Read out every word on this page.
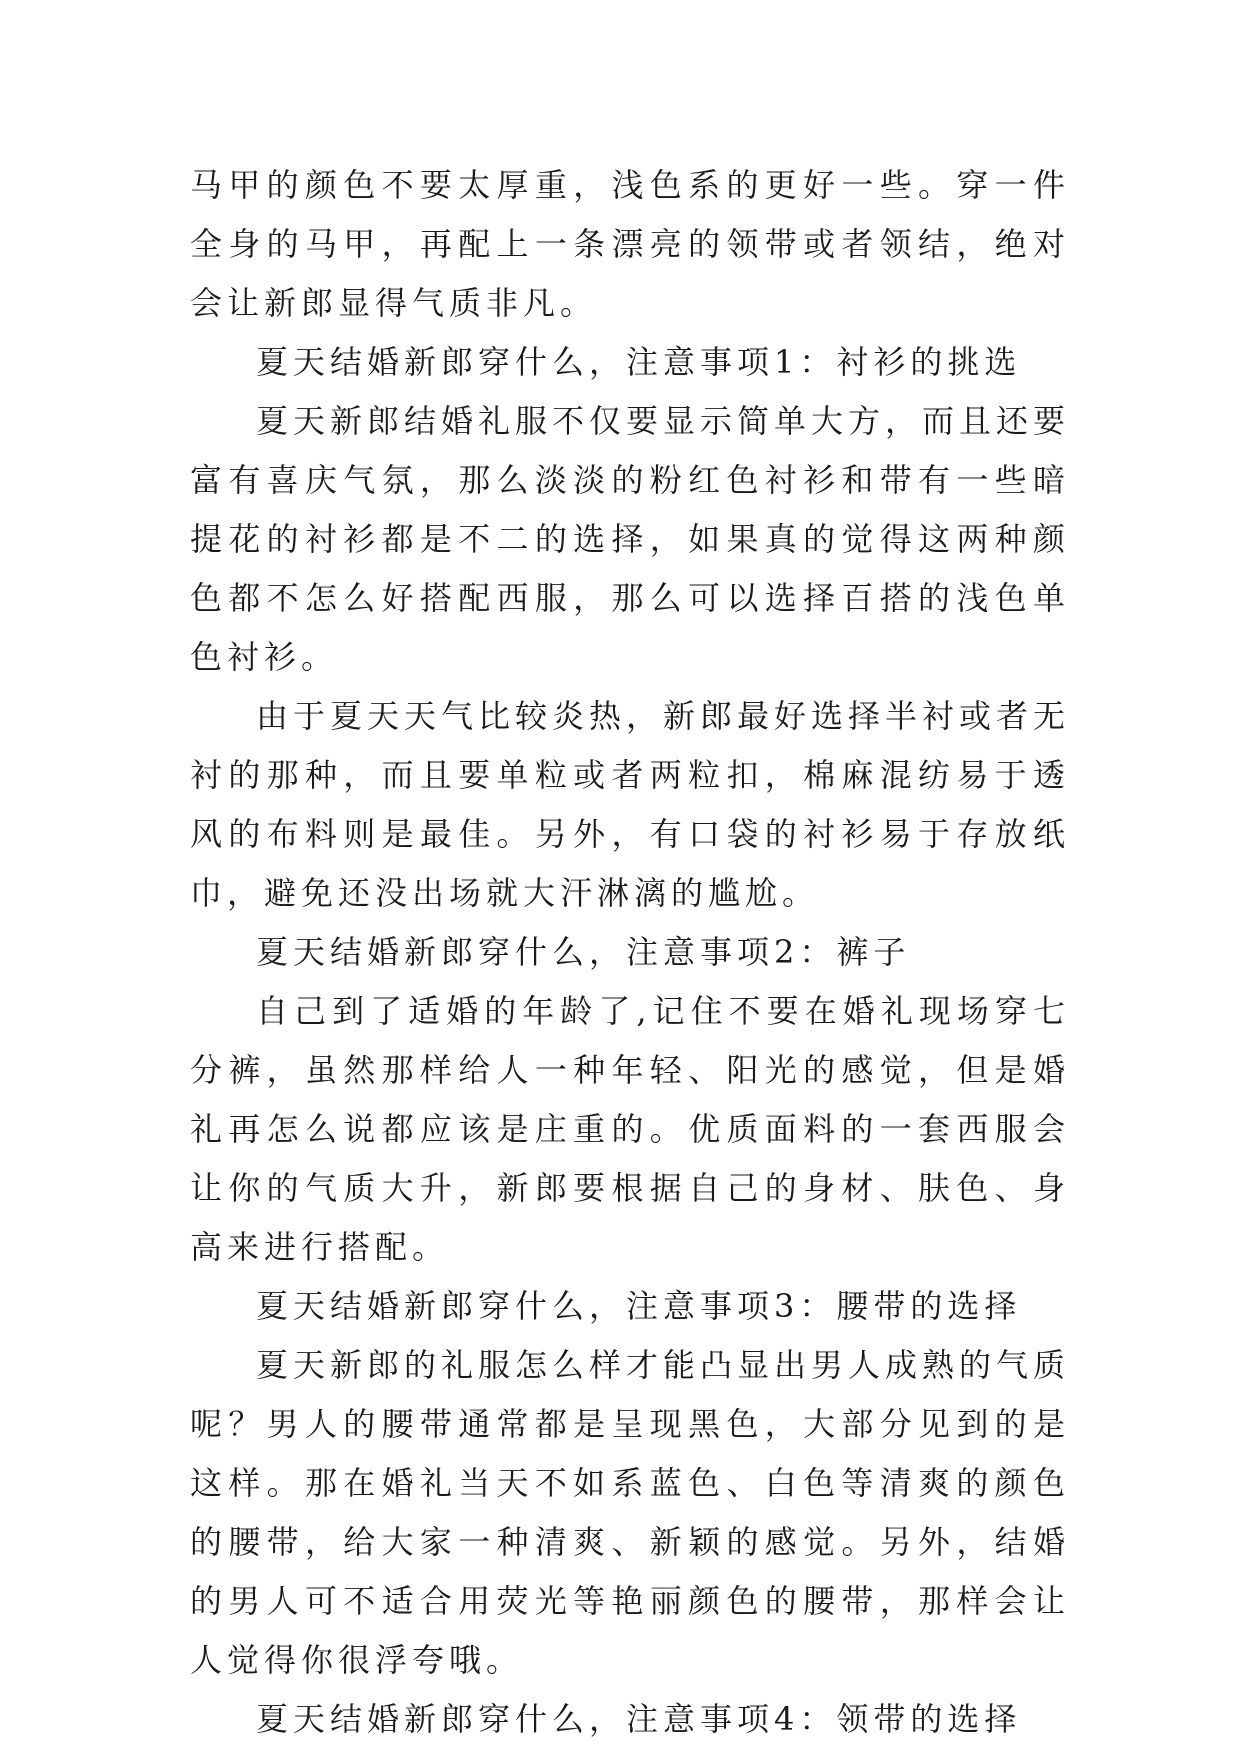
马甲的颜色不要太厚重，浅色系的更好一些。穿一件全身的马甲，再配上一条漂亮的领带或者领结，绝对会让新郎显得气质非凡。

夏天结婚新郎穿什么，注意事项1：衬衫的挑选

夏天新郎结婚礼服不仅要显示简单大方，而且还要富有喜庆气氛，那么淡淡的粉红色衬衫和带有一些暗提花的衬衫都是不二的选择，如果真的觉得这两种颜色都不怎么好搭配西服，那么可以选择百搭的浅色单色衬衫。

由于夏天天气比较炎热，新郎最好选择半衬或者无衬的那种，而且要单粒或者两粒扣，棉麻混纺易于透风的布料则是最佳。另外，有口袋的衬衫易于存放纸巾，避免还没出场就大汗淋漓的尴尬。

夏天结婚新郎穿什么，注意事项2：裤子

自己到了适婚的年龄了,记住不要在婚礼现场穿七分裤，虽然那样给人一种年轻、阳光的感觉，但是婚礼再怎么说都应该是庄重的。优质面料的一套西服会让你的气质大升，新郎要根据自己的身材、肤色、身高来进行搭配。

夏天结婚新郎穿什么，注意事项3：腰带的选择

夏天新郎的礼服怎么样才能凸显出男人成熟的气质呢？男人的腰带通常都是呈现黑色，大部分见到的是这样。那在婚礼当天不如系蓝色、白色等清爽的颜色的腰带，给大家一种清爽、新颖的感觉。另外，结婚的男人可不适合用荧光等艳丽颜色的腰带，那样会让人觉得你很浮夸哦。

夏天结婚新郎穿什么，注意事项4：领带的选择
